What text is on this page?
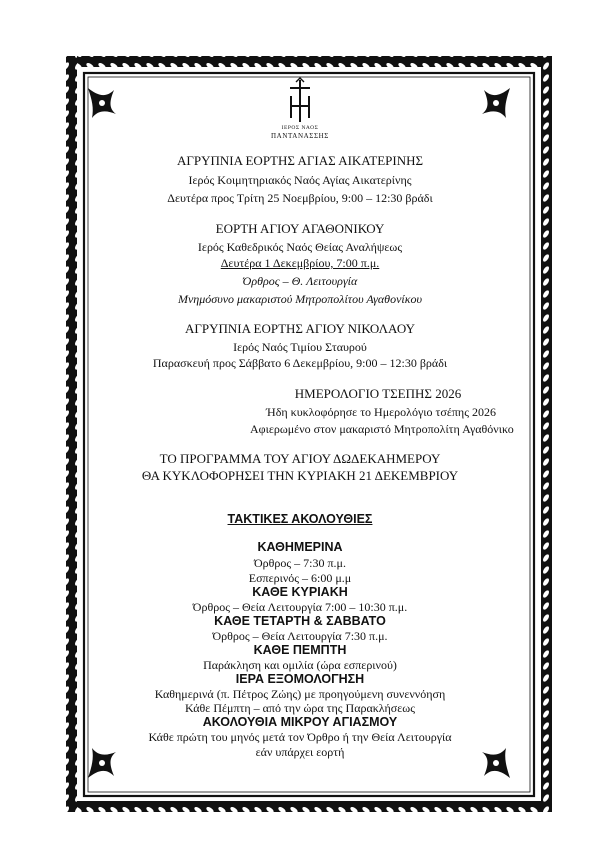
ΙΕΡΟΣ ΝΑΟΣ
ΠΑΝΤΑΝΑΣΣΗΣ
ΑΓΡΥΠΝΙΑ ΕΟΡΤΗΣ ΑΓΙΑΣ ΑΙΚΑΤΕΡΙΝΗΣ
Ιερός Κοιμητηριακός Ναός Αγίας Αικατερίνης
Δευτέρα προς Τρίτη 25 Νοεμβρίου, 9:00 – 12:30 βράδι
ΕΟΡΤΗ ΑΓΙΟΥ ΑΓΑΘΟΝΙΚΟΥ
Ιερός Καθεδρικός Ναός Θείας Αναλήψεως
Δευτέρα 1 Δεκεμβρίου, 7:00 π.μ.
Όρθρος – Θ. Λειτουργία
Μνημόσυνο μακαριστού Μητροπολίτου Αγαθονίκου
ΑΓΡΥΠΝΙΑ ΕΟΡΤΗΣ ΑΓΙΟΥ ΝΙΚΟΛΑΟΥ
Ιερός Ναός Τιμίου Σταυρού
Παρασκευή προς Σάββατο 6 Δεκεμβρίου, 9:00 – 12:30 βράδι
ΗΜΕΡΟΛΟΓΙΟ ΤΣΕΠΗΣ 2026
Ήδη κυκλοφόρησε το Ημερολόγιο τσέπης 2026
Αφιερωμένο στον μακαριστό Μητροπολίτη Αγαθόνικο
ΤΟ ΠΡΟΓΡΑΜΜΑ ΤΟΥ ΑΓΙΟΥ ΔΩΔΕΚΑΗΜΕΡΟΥ
ΘΑ ΚΥΚΛΟΦΟΡΗΣΕΙ ΤΗΝ ΚΥΡΙΑΚΗ 21 ΔΕΚΕΜΒΡΙΟΥ
ΤΑΚΤΙΚΕΣ ΑΚΟΛΟΥΘΙΕΣ
ΚΑΘΗΜΕΡΙΝΑ
Όρθρος – 7:30 π.μ.
Εσπερινός – 6:00 μ.μ
ΚΑΘΕ ΚΥΡΙΑΚΗ
Όρθρος – Θεία Λειτουργία 7:00 – 10:30 π.μ.
ΚΑΘΕ ΤΕΤΑΡΤΗ & ΣΑΒΒΑΤΟ
Όρθρος – Θεία Λειτουργία 7:30 π.μ.
ΚΑΘΕ ΠΕΜΠΤΗ
Παράκληση και ομιλία (ώρα εσπερινού)
ΙΕΡΑ ΕΞΟΜΟΛΟΓΗΣΗ
Καθημερινά (π. Πέτρος Ζώης) με προηγούμενη συνεννόηση
Κάθε Πέμπτη – από την ώρα της Παρακλήσεως
ΑΚΟΛΟΥΘΙΑ ΜΙΚΡΟΥ ΑΓΙΑΣΜΟΥ
Κάθε πρώτη του μηνός μετά τον Όρθρο ή την Θεία Λειτουργία
εάν υπάρχει εορτή
